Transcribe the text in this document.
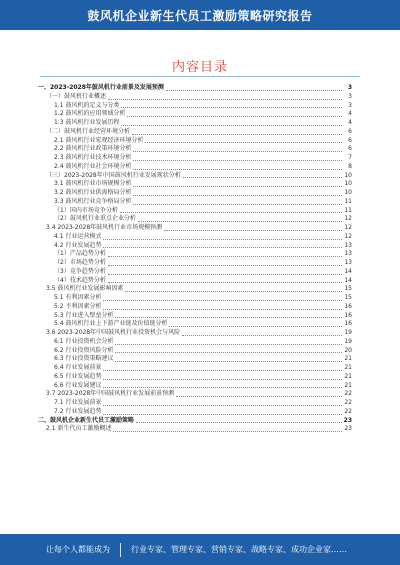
鼓风机企业新生代员工激励策略研究报告
内容目录
一、2023-2028年鼓风机行业前景及发展预测	3
（一）鼓风机行业概述	3
1.1 鼓风机的定义与分类	3
1.2 鼓风机的应用领域分析	4
1.3 鼓风机行业发展历程	4
（二）鼓风机行业经营环境分析	6
2.1 鼓风机行业宏观经济环境分析	6
2.2 鼓风机行业政策环境分析	6
2.3 鼓风机行业技术环境分析	7
2.4 鼓风机行业社会环境分析	8
（三）2023-2028年中国鼓风机行业发展现状分析	10
3.1 鼓风机行业市场规模分析	10
3.2 鼓风机行业供需格局分析	10
3.3 鼓风机行业竞争格局分析	11
（1）国内市场竞争分析	11
（2）鼓风机行业重点企业分析	12
3.4 2023-2028年鼓风机行业市场规模预测	12
4.1 行业运营模式	12
4.2 行业发展趋势	13
（1）产品趋势分析	13
（2）市场趋势分析	13
（3）竞争趋势分析	14
（4）技术趋势分析	14
3.5 鼓风机行业发展影响因素	15
5.1 有利因素分析	15
5.2 不利因素分析	16
5.3 行业进入壁垒分析	16
5.4 鼓风机行业上下游产业链及价值链分析	16
3.6 2023-2028年中国鼓风机行业投资机会与风险	19
6.1 行业投资机会分析	19
6.2 行业投资风险分析	20
6.3 行业投资策略建议	21
6.4 行业发展前景	21
6.5 行业发展趋势	21
6.6 行业发展建议	21
3.7 2023-2028年中国鼓风机行业发展前景预测	22
7.1 行业发展前景	22
7.2 行业发展趋势	22
二、鼓风机企业新生代员工激励策略	23
2.1 新生代员工激励概述	23
让每个人都能成为	行业专家、管理专家、营销专家、战略专家、成功企业家……
